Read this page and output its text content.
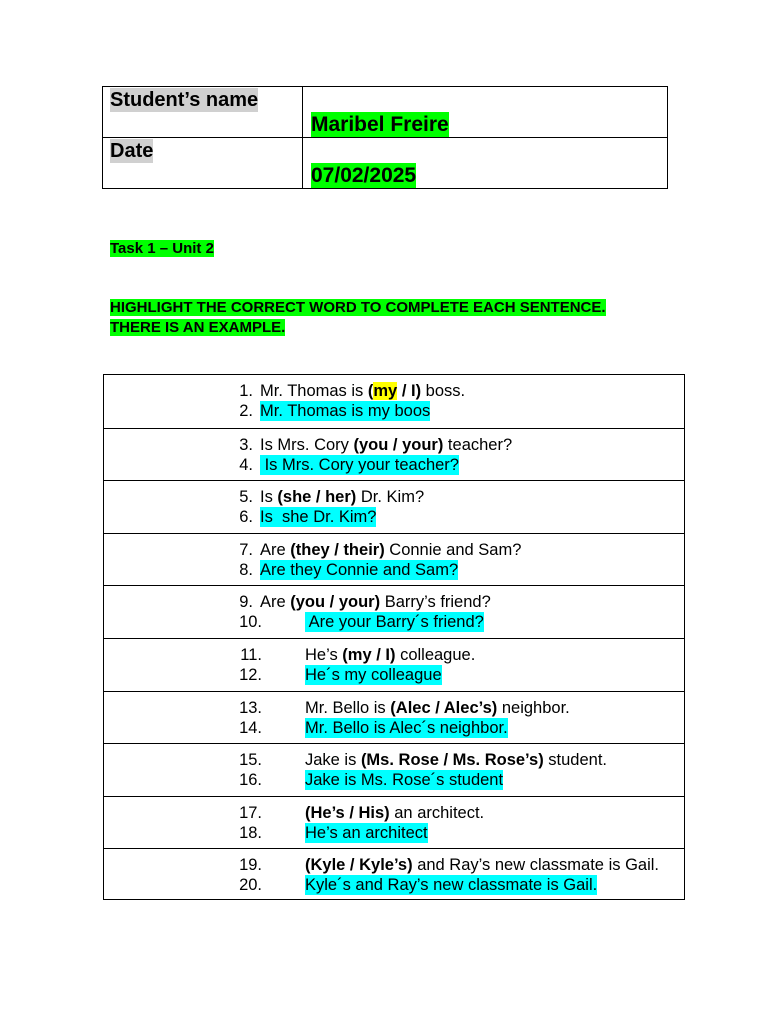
Student’s name	Maribel Freire
Date	07/02/2025
Task 1 – Unit 2
HIGHLIGHT THE CORRECT WORD TO COMPLETE EACH SENTENCE. THERE IS AN EXAMPLE.
1. Mr. Thomas is (my / I) boss.
2. Mr. Thomas is my boos
3. Is Mrs. Cory (you / your) teacher?
4. Is Mrs. Cory your teacher?
5. Is (she / her) Dr. Kim?
6. Is  she Dr. Kim?
7. Are (they / their) Connie and Sam?
8. Are they Connie and Sam?
9. Are (you / your) Barry’s friend?
10.	Are your Barry´s friend?
11.	He’s (my / I) colleague.
12.	He´s my colleague
13.	Mr. Bello is (Alec / Alec’s) neighbor.
14.	Mr. Bello is Alec´s neighbor.
15.	Jake is (Ms. Rose / Ms. Rose’s) student.
16.	Jake is Ms. Rose´s student
17.	(He’s / His) an architect.
18.	He’s an architect
19.	(Kyle / Kyle’s) and Ray’s new classmate is Gail.
20.	Kyle´s and Ray’s new classmate is Gail.
